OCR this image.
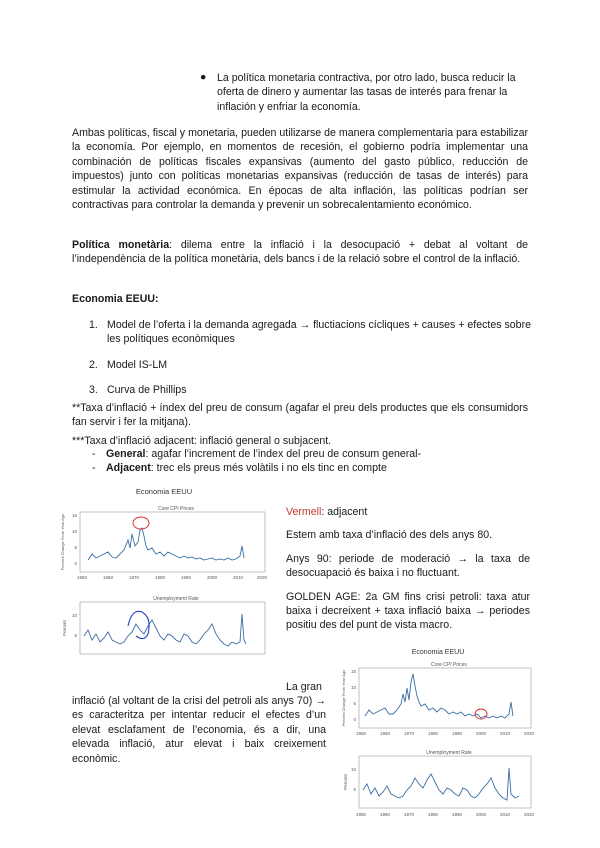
● La política monetaria contractiva, por otro lado, busca reducir la oferta de dinero y aumentar las tasas de interés para frenar la inflación y enfriar la economía.

Ambas políticas, fiscal y monetaria, pueden utilizarse de manera complementaria para estabilizar la economía. Por ejemplo, en momentos de recesión, el gobierno podría implementar una combinación de políticas fiscales expansivas (aumento del gasto público, reducción de impuestos) junto con políticas monetarias expansivas (reducción de tasas de interés) para estimular la actividad económica. En épocas de alta inflación, las políticas podrían ser contractivas para controlar la demanda y prevenir un sobrecalentamiento económico.

Política monetària: dilema entre la inflació i la desocupació + debat al voltant de l’independència de la política monetària, dels bancs i de la relació sobre el control de la inflació.

Economia EEUU:

1. Model de l’oferta i la demanda agregada → fluctiacions cícliques + causes + efectes sobre les polítiques econòmiques
2. Model IS-LM
3. Curva de Phillips

**Taxa d’inflació + índex del preu de consum (agafar el preu dels productes que els consumidors fan servir i fer la mitjana).

***Taxa d’inflació adjacent: inflació general o subjacent.

- General: agafar l’increment de l’index del preu de consum general-
- Adjacent: trec els preus més volàtils i no els tinc en compte
Economia EEUU
Core CPI Prices
Percent Change From Year Ago 15
10
5
0
1950	1960	1970	1980	1990	2000	2010	2020
Unemployment Rate
Percent
10
5

Vermell: adjacent

Estem amb taxa d’inflació des dels anys 80.

Anys 90: periode de moderació → la taxa de desocuapació és baixa i no fluctuant.

GOLDEN AGE: 2a GM fins crisi petroli: taxa atur baixa i decreixent + taxa inflació baixa → periodes positiu des del punt de vista macro.

Economia EEUU
Core CPI Prices
Percent Change From Year Ago 15
10
5
0
1950	1960	1970	1980	1990	2000	2010	2020
Unemployment Rate
Percent
10
5
1950	1960	1970	1980	1990	2000	2010	2020

La gran

inflació (al voltant de la crisi del petroli als anys 70) → es caracteritza per intentar reducir el efectes d’un elevat esclafament de l’economia, és a dir, una elevada inflació, atur elevat i baix creixement econòmic.
